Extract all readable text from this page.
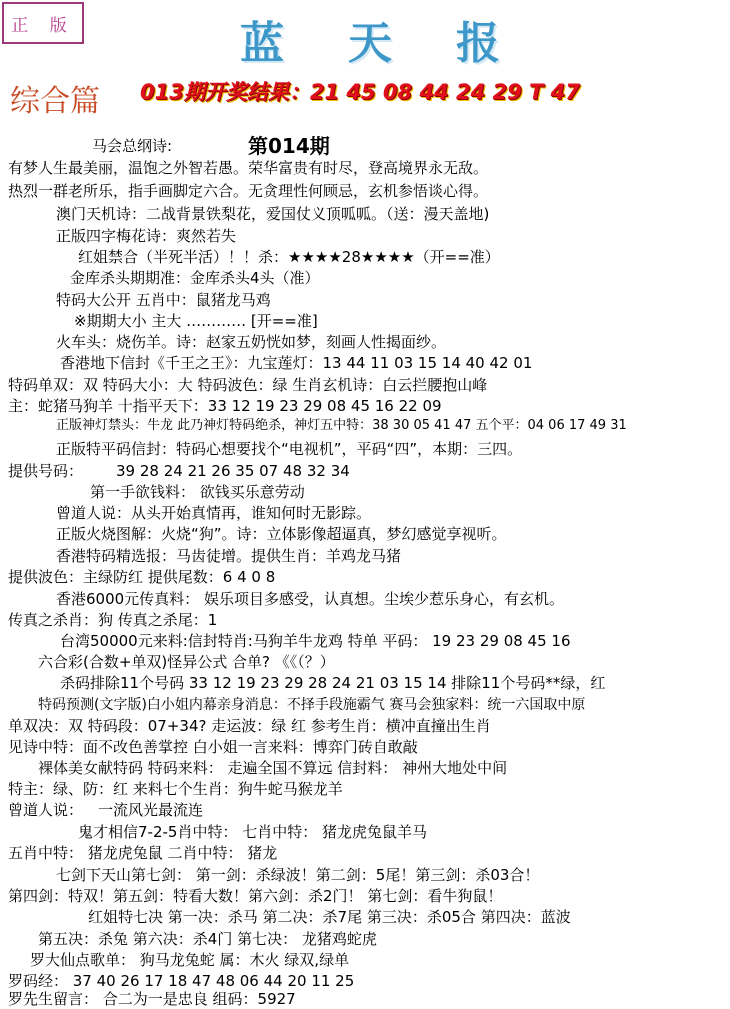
正 版	蓝 天 报
综合篇 013期开奖结果：21 45 08 44 24 29 T 47
第014期
马会总纲诗:
有梦人生最美丽，温饱之外智若愚。荣华富贵有时尽，登高境界永无敌。
热烈一群老所乐，指手画脚定六合。无贪理性何顾忌，玄机参悟谈心得。
澳门天机诗：二战背景铁梨花，爱国仗义顶呱呱。（送：漫天盖地)
正版四字梅花诗：爽然若失
红姐禁合（半死半活）！！杀：★★★★28★★★★（开==准）
金库杀头期期准：金库杀头4头（准）
特码大公开 五肖中：鼠猪龙马鸡
※期期大小 主大 ………… [开==准]
火车头：烧伤羊。诗：赵家五奶恍如梦，刻画人性揭面纱。
香港地下信封《千王之王》：九宝莲灯：13 44 11 03 15 14 40 42 01
特码单双：双 特码大小：大 特码波色：绿 生肖玄机诗：白云拦腰抱山峰
主：蛇猪马狗羊 十指平天下：33 12 19 23 29 08 45 16 22 09
正版神灯禁头：牛龙 此乃神灯特码绝杀，神灯五中特：38 30 05 41 47 五个平：04 06 17 49 31
正版特平码信封：特码心想要找个“电视机”，平码“四”，本期：三四。
提供号码： 39 28 24 21 26 35 07 48 32 34
第一手欲钱料： 欲钱买乐意劳动
曾道人说：从头开始真情再，谁知何时无影踪。
正版火烧图解：火烧“狗”。诗：立体影像超逼真，梦幻感觉享视听。
香港特码精选报：马齿徒增。提供生肖：羊鸡龙马猪
提供波色：主绿防红 提供尾数：6 4 0 8
香港6000元传真料： 娱乐项目多感受，认真想。尘埃少惹乐身心，有玄机。
传真之杀肖：狗 传真之杀尾：1
台湾50000元来料:信封特肖:马狗羊牛龙鸡 特单 平码： 19 23 29 08 45 16
六合彩(合数+单双)怪异公式 合单? 《《（？）
杀码排除11个号码 33 12 19 23 29 28 24 21 03 15 14 排除11个号码**绿，红
特码预测(文字版)白小姐内幕亲身消息：不择手段施霸气 赛马会独家料：统一六国取中原
单双决：双 特码段：07+34? 走运波：绿 红 参考生肖：横冲直撞出生肖
见诗中特：面不改色善掌控 白小姐一言来料：博弈门砖自敢敲
裸体美女献特码 特码来料： 走遍全国不算远 信封料： 神州大地处中间
特主：绿、防：红 来料七个生肖：狗牛蛇马猴龙羊
曾道人说： 一流风光最流连
鬼才相信7-2-5肖中特： 七肖中特： 猪龙虎兔鼠羊马
五肖中特： 猪龙虎兔鼠 二肖中特： 猪龙
七剑下天山第七剑： 第一剑：杀绿波！第二剑：5尾！第三剑：杀03合！
第四剑：特双！第五剑：特看大数！第六剑：杀2门！ 第七剑：看牛狗鼠！
红姐特七决 第一决：杀马 第二决：杀7尾 第三决：杀05合 第四决：蓝波
第五决：杀兔 第六决：杀4门 第七决： 龙猪鸡蛇虎
罗大仙点歌单： 狗马龙兔蛇 属：木火 绿双,绿单
罗码经： 37 40 26 17 18 47 48 06 44 20 11 25
罗先生留言： 合二为一是忠良 组码：5927
